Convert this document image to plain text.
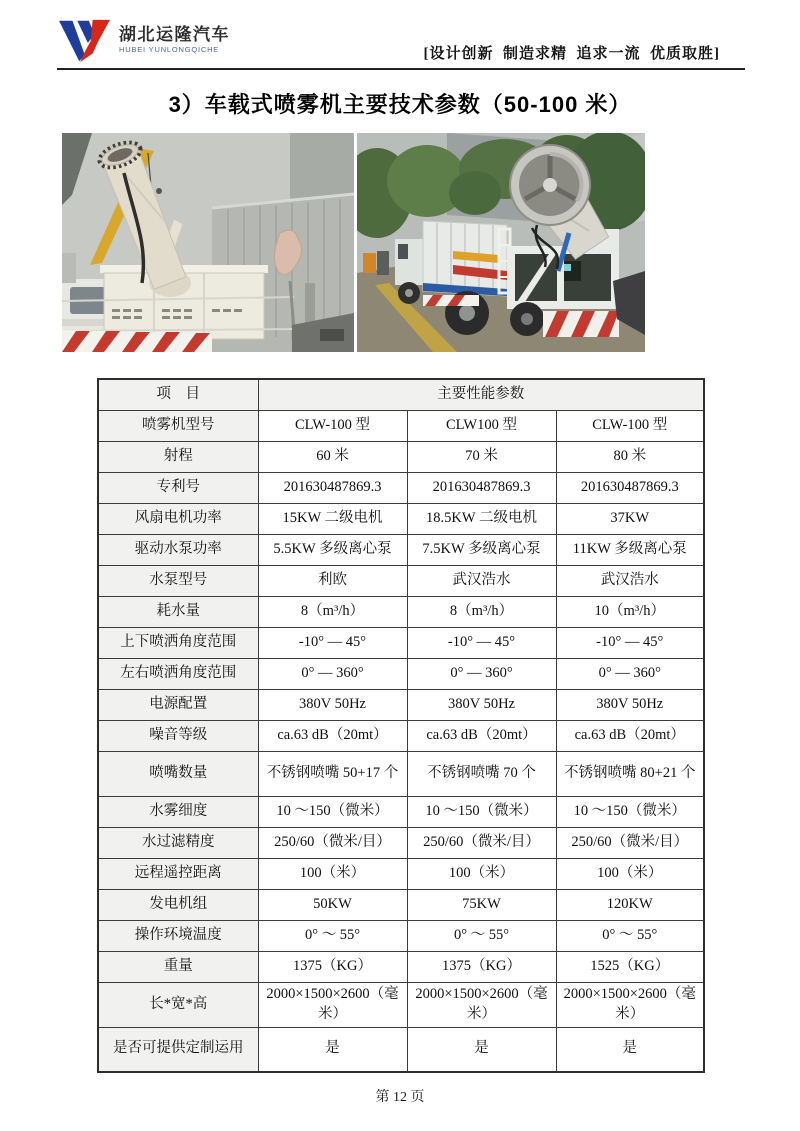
湖北运隆汽车
HUBEI YUNLONGQICHE	[设计创新  制造求精  追求一流  优质取胜]
3）车载式喷雾机主要技术参数（50-100 米）
项　目	主要性能参数		
喷雾机型号	CLW-100 型	CLW100 型	CLW-100 型
射程	60 米	70 米	80 米
专利号	201630487869.3	201630487869.3	201630487869.3
风扇电机功率	15KW 二级电机	18.5KW 二级电机	37KW
驱动水泵功率	5.5KW 多级离心泵	7.5KW 多级离心泵	11KW 多级离心泵
水泵型号	利欧	武汉浩水	武汉浩水
耗水量	8（m³/h）	8（m³/h）	10（m³/h）
上下喷洒角度范围	-10° — 45°	-10° — 45°	-10° — 45°
左右喷洒角度范围	0° — 360°	0° — 360°	0° — 360°
电源配置	380V 50Hz	380V 50Hz	380V 50Hz
噪音等级	ca.63 dB（20mt）	ca.63 dB（20mt）	ca.63 dB（20mt）
喷嘴数量	不锈钢喷嘴 50+17 个	不锈钢喷嘴 70 个	不锈钢喷嘴 80+21 个
水雾细度	10 ～150（微米）	10 ～150（微米）	10 ～150（微米）
水过滤精度	250/60（微米/目）	250/60（微米/目）	250/60（微米/目）
远程遥控距离	100（米）	100（米）	100（米）
发电机组	50KW	75KW	120KW
操作环境温度	0° ～ 55°	0° ～ 55°	0° ～ 55°
重量	1375（KG）	1375（KG）	1525（KG）
长*宽*高	2000×1500×2600（毫米）	2000×1500×2600（毫米）	2000×1500×2600（毫米）
是否可提供定制运用	是	是	是
第 12 页
